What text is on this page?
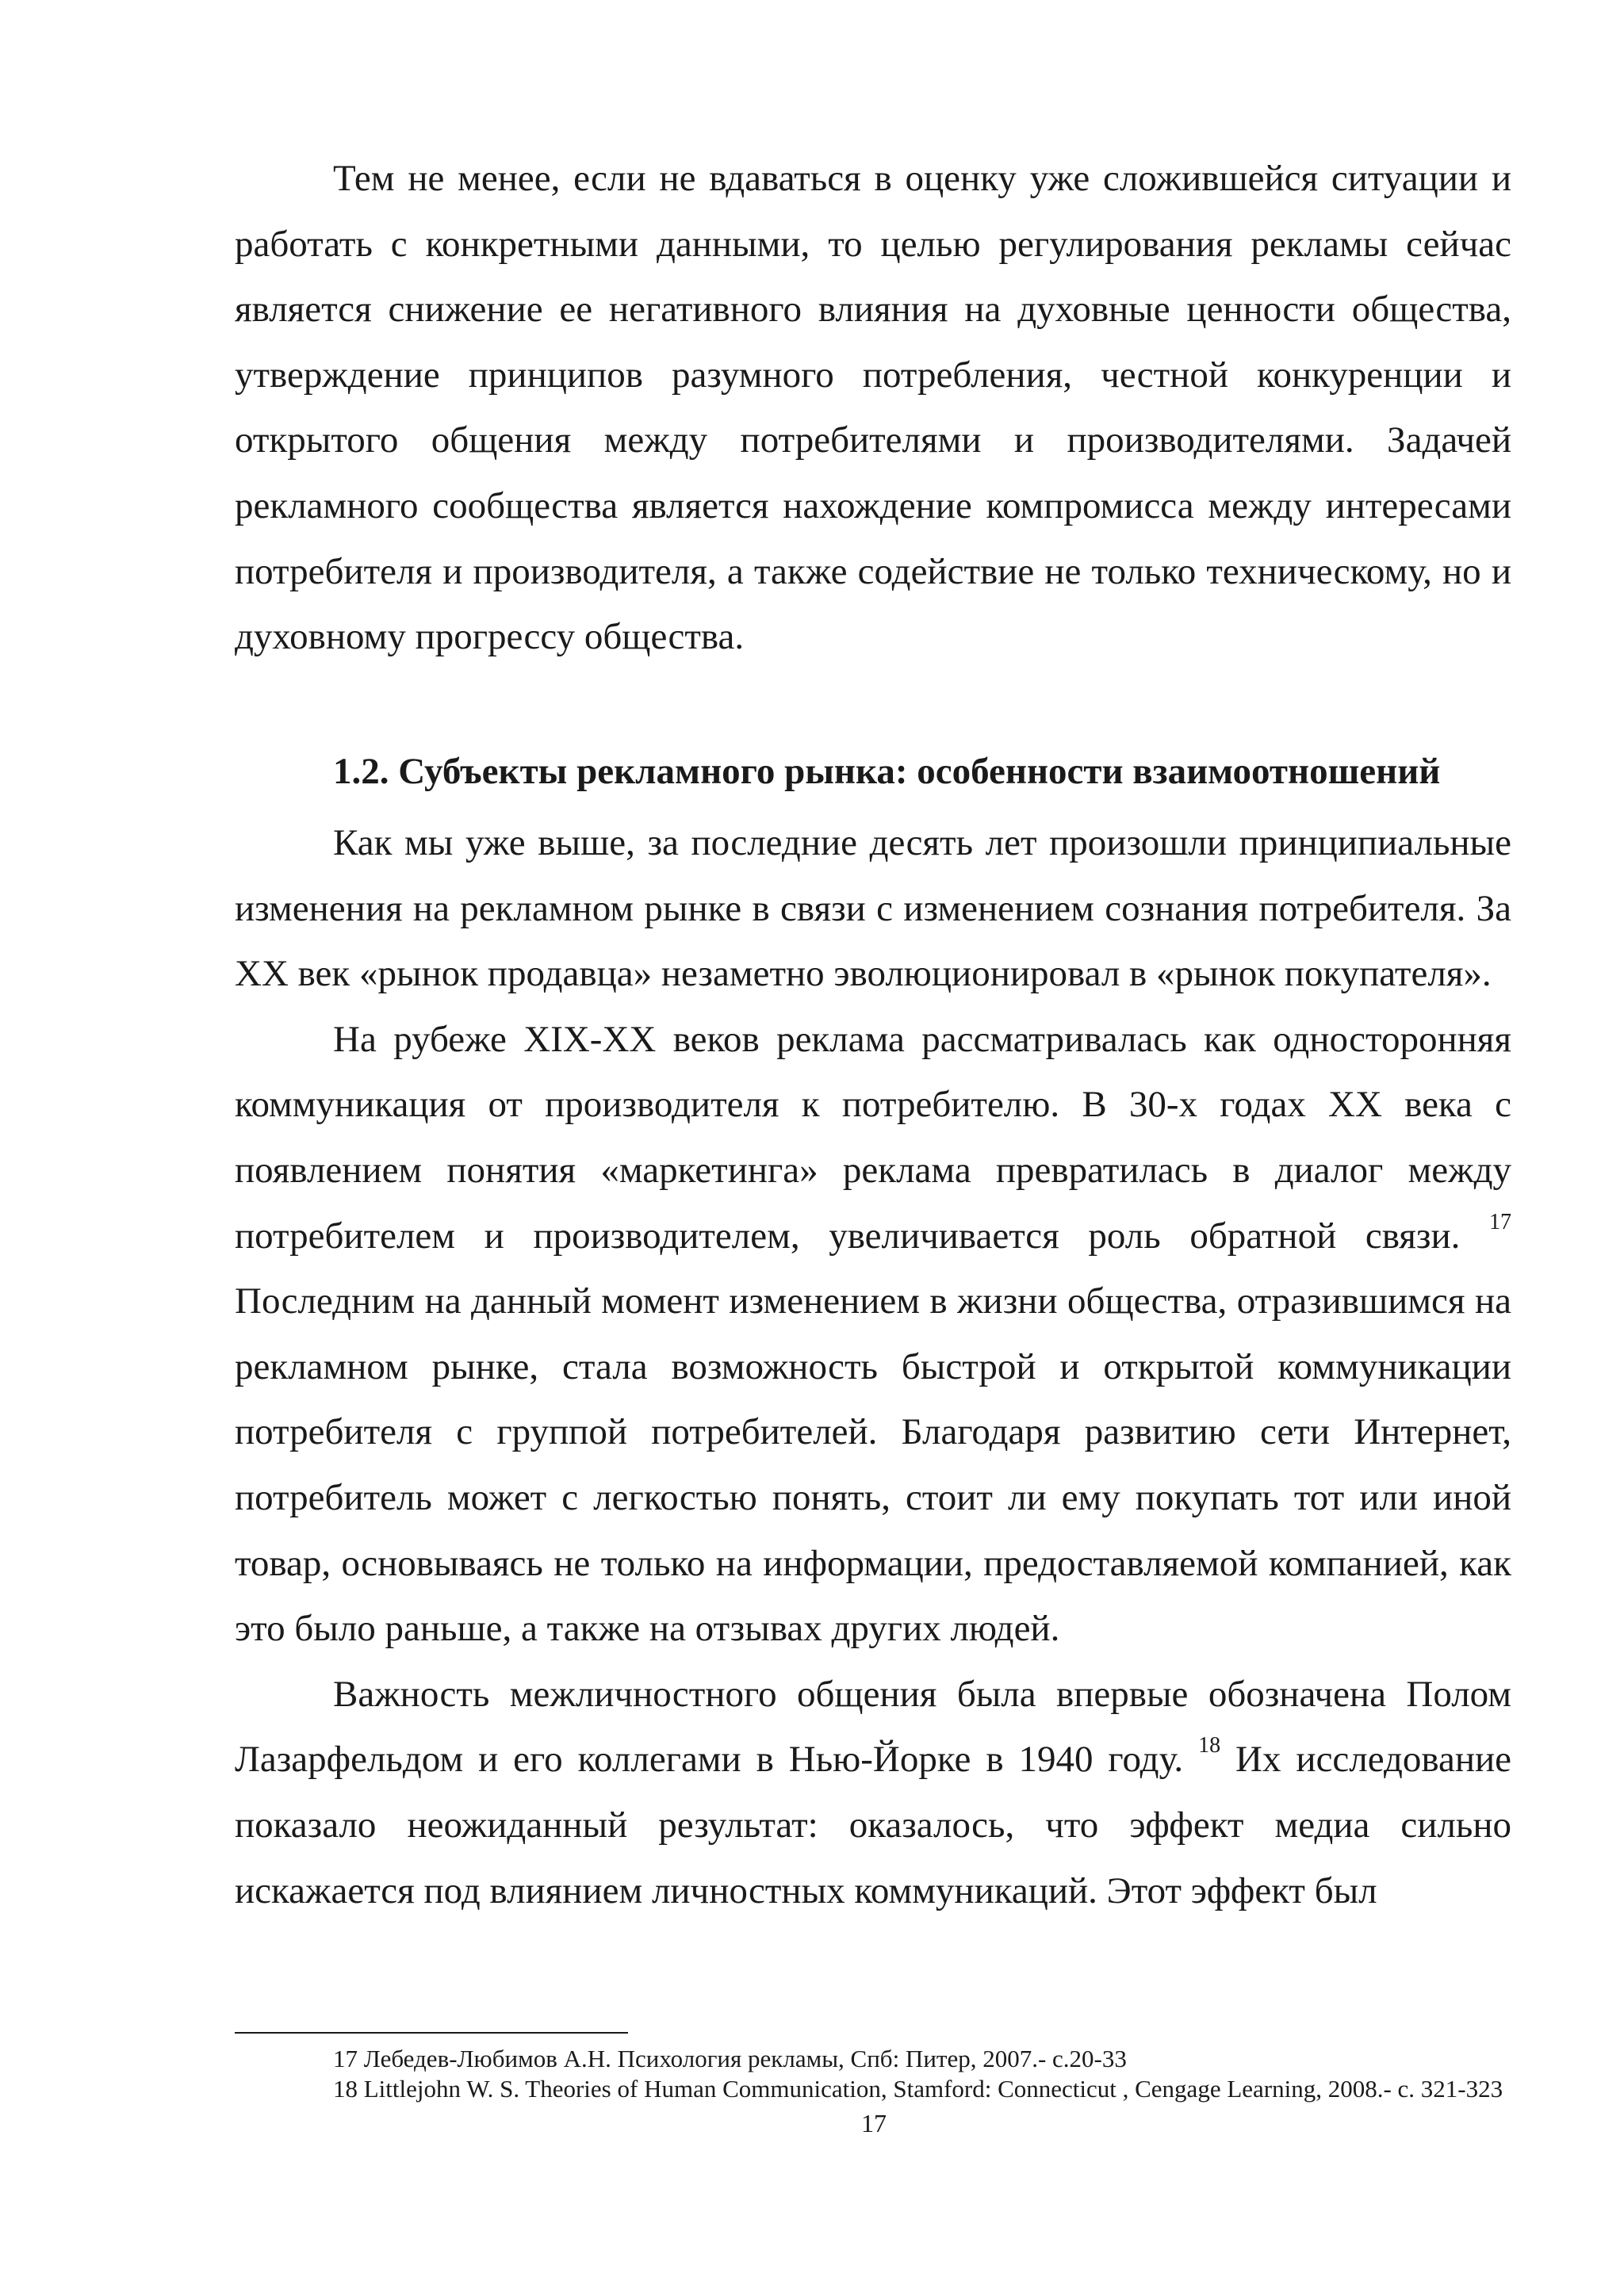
Тем не менее, если не вдаваться в оценку уже сложившейся ситуации и работать с конкретными данными, то целью регулирования рекламы сейчас является снижение ее негативного влияния на духовные ценности общества, утверждение принципов разумного потребления, честной конкуренции и открытого общения между потребителями и производителями. Задачей рекламного сообщества является нахождение компромисса между интересами потребителя и производителя, а также содействие не только техническому, но и духовному прогрессу общества.

1.2. Субъекты рекламного рынка: особенности взаимоотношений

Как мы уже выше, за последние десять лет произошли принципиальные изменения на рекламном рынке в связи с изменением сознания потребителя. За XX век «рынок продавца» незаметно эволюционировал в «рынок покупателя».

На рубеже XIX-XX веков реклама рассматривалась как односторонняя коммуникация от производителя к потребителю. В 30-х годах XX века с появлением понятия «маркетинга» реклама превратилась в диалог между потребителем и производителем, увеличивается роль обратной связи. $^{17}$ Последним на данный момент изменением в жизни общества, отразившимся на рекламном рынке, стала возможность быстрой и открытой коммуникации потребителя с группой потребителей. Благодаря развитию сети Интернет, потребитель может с легкостью понять, стоит ли ему покупать тот или иной товар, основываясь не только на информации, предоставляемой компанией, как это было раньше, а также на отзывах других людей.

Важность межличностного общения была впервые обозначена Полом Лазарфельдом и его коллегами в Нью-Йорке в 1940 году. $^{18}$ Их исследование показало неожиданный результат: оказалось, что эффект медиа сильно искажается под влиянием личностных коммуникаций. Этот эффект был

17 Лебедев-Любимов А.Н. Психология рекламы, Спб: Питер, 2007.- с.20-33

18 Littlejohn W. S. Theories of Human Communication, Stamford: Connecticut , Cengage Learning, 2008.- с. 321-323

17
